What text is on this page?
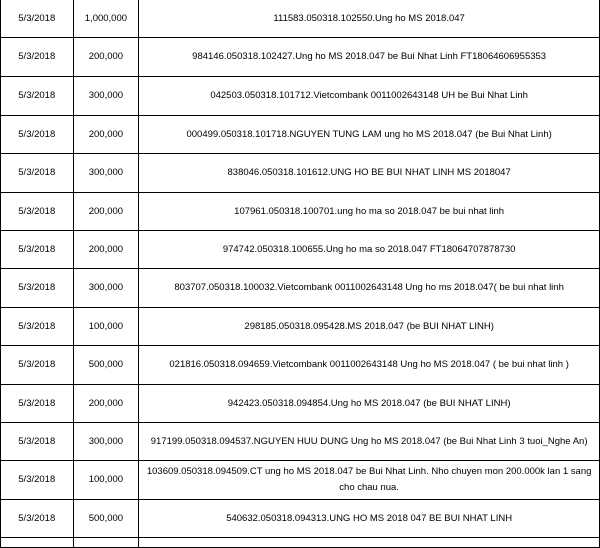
5/3/2018	1,000,000	111583.050318.102550.Ung ho MS 2018.047
5/3/2018	200,000	984146.050318.102427.Ung ho MS 2018.047 be Bui Nhat Linh FT18064606955353
5/3/2018	300,000	042503.050318.101712.Vietcombank 0011002643148 UH be Bui Nhat Linh
5/3/2018	200,000	000499.050318.101718.NGUYEN TUNG LAM ung ho MS 2018.047 (be Bui Nhat Linh)
5/3/2018	300,000	838046.050318.101612.UNG HO BE BUI NHAT LINH MS 2018047
5/3/2018	200,000	107961.050318.100701.ung ho ma so 2018.047 be bui nhat linh
5/3/2018	200,000	974742.050318.100655.Ung ho ma so 2018.047 FT18064707878730
5/3/2018	300,000	803707.050318.100032.Vietcombank 0011002643148 Ung ho ms 2018.047( be bui nhat linh
5/3/2018	100,000	298185.050318.095428.MS 2018.047 (be BUI NHAT LINH)
5/3/2018	500,000	021816.050318.094659.Vietcombank 0011002643148 Ung ho MS 2018.047 ( be bui nhat linh )
5/3/2018	200,000	942423.050318.094854.Ung ho MS 2018.047 (be BUI NHAT LINH)
5/3/2018	300,000	917199.050318.094537.NGUYEN HUU DUNG Ung ho MS 2018.047 (be Bui Nhat Linh 3 tuoi_Nghe An)
5/3/2018	100,000	103609.050318.094509.CT ung ho MS 2018.047 be Bui Nhat Linh. Nho chuyen mon 200.000k lan 1 sang cho chau nua.
5/3/2018	500,000	540632.050318.094313.UNG HO MS 2018 047 BE BUI NHAT LINH
